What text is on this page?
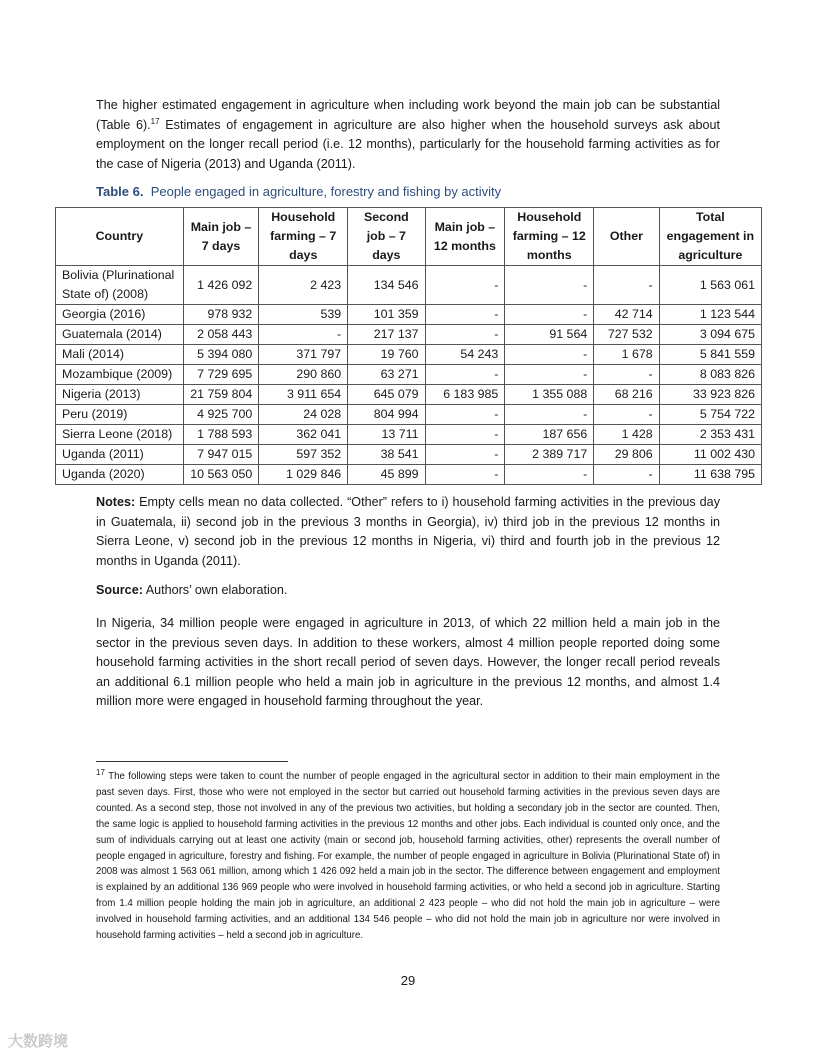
The higher estimated engagement in agriculture when including work beyond the main job can be substantial (Table 6).$^{17}$ Estimates of engagement in agriculture are also higher when the household surveys ask about employment on the longer recall period (i.e. 12 months), particularly for the household farming activities as for the case of Nigeria (2013) and Uganda (2011).

Table 6. People engaged in agriculture, forestry and fishing by activity
Country	Main job – 7 days	Household farming – 7 days	Second job – 7 days	Main job – 12 months	Household farming – 12 months	Other	Total engagement in agriculture
Bolivia (Plurinational State of) (2008)	1 426 092	2 423	134 546	-	-	-	1 563 061
Georgia (2016)	978 932	539	101 359	-	-	42 714	1 123 544
Guatemala (2014)	2 058 443	-	217 137	-	91 564	727 532	3 094 675
Mali (2014)	5 394 080	371 797	19 760	54 243	-	1 678	5 841 559
Mozambique (2009)	7 729 695	290 860	63 271	-	-	-	8 083 826
Nigeria (2013)	21 759 804	3 911 654	645 079	6 183 985	1 355 088	68 216	33 923 826
Peru (2019)	4 925 700	24 028	804 994	-	-	-	5 754 722
Sierra Leone (2018)	1 788 593	362 041	13 711	-	187 656	1 428	2 353 431
Uganda (2011)	7 947 015	597 352	38 541	-	2 389 717	29 806	11 002 430
Uganda (2020)	10 563 050	1 029 846	45 899	-	-	-	11 638 795

Notes: Empty cells mean no data collected. “Other” refers to i) household farming activities in the previous day in Guatemala, ii) second job in the previous 3 months in Georgia), iv) third job in the previous 12 months in Sierra Leone, v) second job in the previous 12 months in Nigeria, vi) third and fourth job in the previous 12 months in Uganda (2011).

Source: Authors’ own elaboration.

In Nigeria, 34 million people were engaged in agriculture in 2013, of which 22 million held a main job in the sector in the previous seven days. In addition to these workers, almost 4 million people reported doing some household farming activities in the short recall period of seven days. However, the longer recall period reveals an additional 6.1 million people who held a main job in agriculture in the previous 12 months, and almost 1.4 million more were engaged in household farming throughout the year.

$^{17}$ The following steps were taken to count the number of people engaged in the agricultural sector in addition to their main employment in the past seven days. First, those who were not employed in the sector but carried out household farming activities in the previous seven days are counted. As a second step, those not involved in any of the previous two activities, but holding a secondary job in the sector are counted. Then, the same logic is applied to household farming activities in the previous 12 months and other jobs. Each individual is counted only once, and the sum of individuals carrying out at least one activity (main or second job, household farming activities, other) represents the overall number of people engaged in agriculture, forestry and fishing. For example, the number of people engaged in agriculture in Bolivia (Plurinational State of) in 2008 was almost 1 563 061 million, among which 1 426 092 held a main job in the sector. The difference between engagement and employment is explained by an additional 136 969 people who were involved in household farming activities, or who held a second job in agriculture. Starting from 1.4 million people holding the main job in agriculture, an additional 2 423 people – who did not hold the main job in agriculture – were involved in household farming activities, and an additional 134 546 people – who did not hold the main job in agriculture nor were involved in household farming activities – held a second job in agriculture.

29
大数跨境
